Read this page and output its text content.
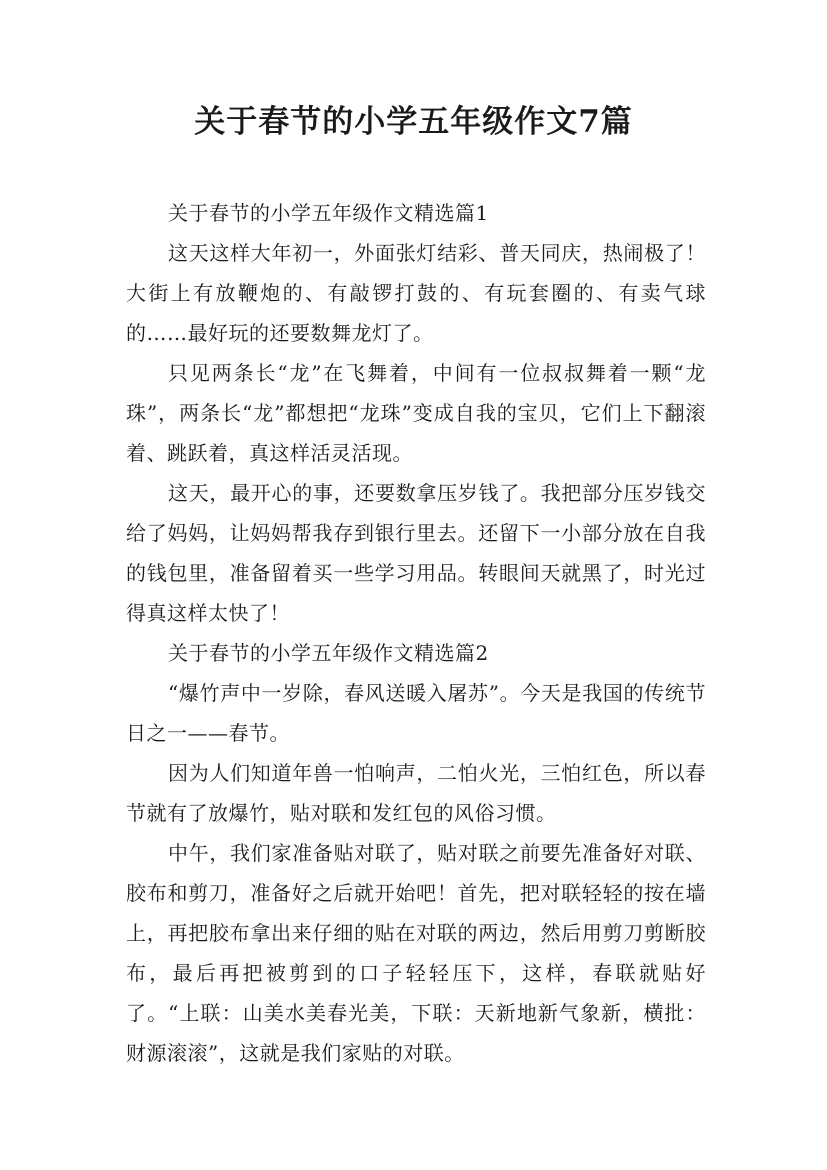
关于春节的小学五年级作文7篇

关于春节的小学五年级作文精选篇1

这天这样大年初一，外面张灯结彩、普天同庆，热闹极了！大街上有放鞭炮的、有敲锣打鼓的、有玩套圈的、有卖气球的……最好玩的还要数舞龙灯了。

只见两条长“龙”在飞舞着，中间有一位叔叔舞着一颗“龙珠”，两条长“龙”都想把“龙珠”变成自我的宝贝，它们上下翻滚着、跳跃着，真这样活灵活现。

这天，最开心的事，还要数拿压岁钱了。我把部分压岁钱交给了妈妈，让妈妈帮我存到银行里去。还留下一小部分放在自我的钱包里，准备留着买一些学习用品。转眼间天就黑了，时光过得真这样太快了！

关于春节的小学五年级作文精选篇2

“爆竹声中一岁除，春风送暖入屠苏”。今天是我国的传统节日之一——春节。

因为人们知道年兽一怕响声，二怕火光，三怕红色，所以春节就有了放爆竹，贴对联和发红包的风俗习惯。

中午，我们家准备贴对联了，贴对联之前要先准备好对联、胶布和剪刀，准备好之后就开始吧！首先，把对联轻轻的按在墙上，再把胶布拿出来仔细的贴在对联的两边，然后用剪刀剪断胶布，最后再把被剪到的口子轻轻压下，这样，春联就贴好了。“上联：山美水美春光美，下联：天新地新气象新，横批：财源滚滚”，这就是我们家贴的对联。
